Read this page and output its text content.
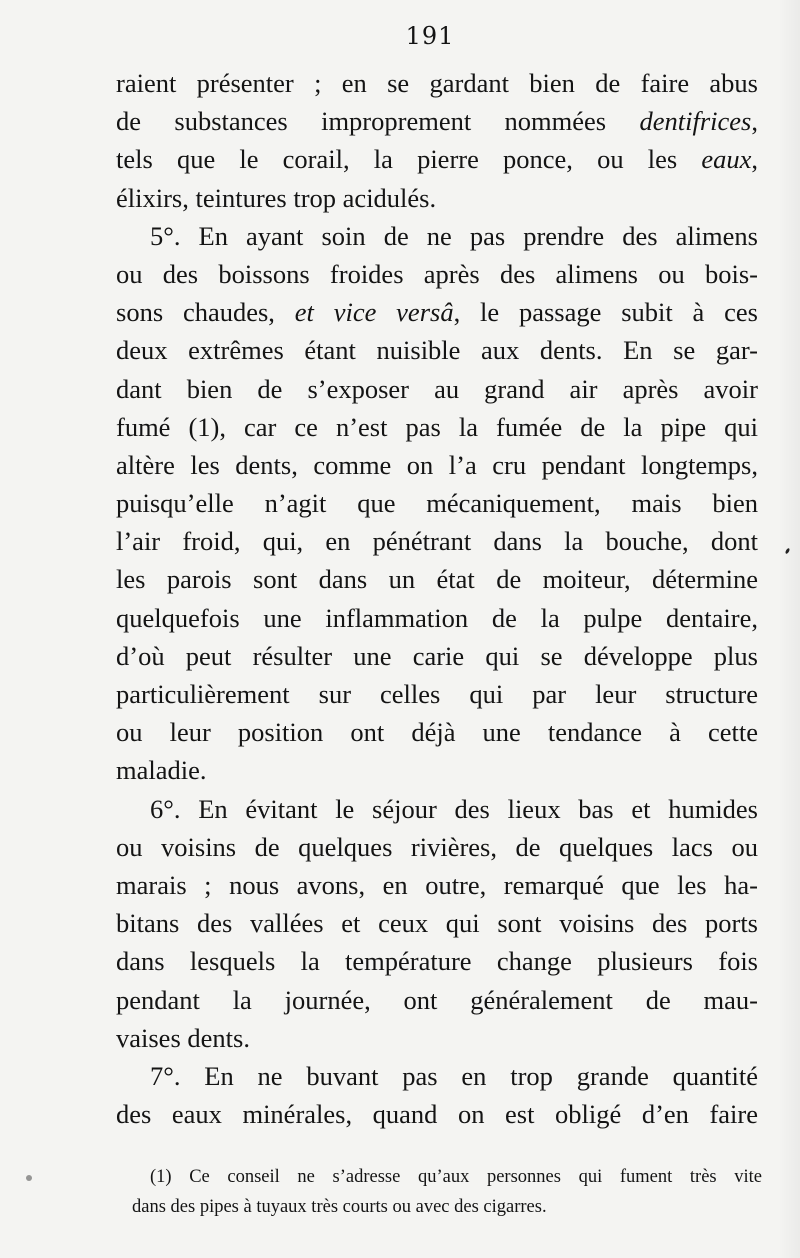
191
raient présenter ; en se gardant bien de faire abus
de substances improprement nommées dentifrices,
tels que le corail, la pierre ponce, ou les eaux,
élixirs, teintures trop acidulés.
5°. En ayant soin de ne pas prendre des alimens
ou des boissons froides après des alimens ou bois-
sons chaudes, et vice versâ, le passage subit à ces
deux extrêmes étant nuisible aux dents. En se gar-
dant bien de s’exposer au grand air après avoir
fumé (1), car ce n’est pas la fumée de la pipe qui
altère les dents, comme on l’a cru pendant longtemps,
puisqu’elle n’agit que mécaniquement, mais bien
l’air froid, qui, en pénétrant dans la bouche, dont
les parois sont dans un état de moiteur, détermine
quelquefois une inflammation de la pulpe dentaire,
d’où peut résulter une carie qui se développe plus
particulièrement sur celles qui par leur structure
ou leur position ont déjà une tendance à cette
maladie.
6°. En évitant le séjour des lieux bas et humides
ou voisins de quelques rivières, de quelques lacs ou
marais ; nous avons, en outre, remarqué que les ha-
bitans des vallées et ceux qui sont voisins des ports
dans lesquels la température change plusieurs fois
pendant la journée, ont généralement de mau-
vaises dents.
7°. En ne buvant pas en trop grande quantité
des eaux minérales, quand on est obligé d’en faire
(1) Ce conseil ne s’adresse qu’aux personnes qui fument très vite
dans des pipes à tuyaux très courts ou avec des cigarres.
